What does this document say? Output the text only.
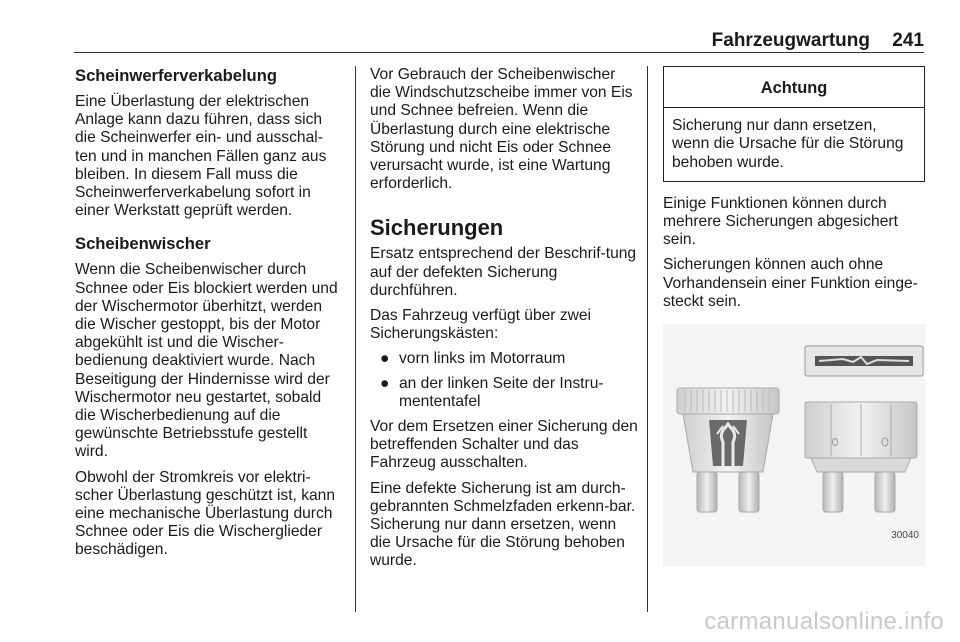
Fahrzeugwartung 241
Scheinwerferverkabelung

Eine Überlastung der elektrischen Anlage kann dazu führen, dass sich die Scheinwerfer ein- und ausschal-ten und in manchen Fällen ganz aus bleiben. In diesem Fall muss die Scheinwerferverkabelung sofort in einer Werkstatt geprüft werden.

Scheibenwischer

Wenn die Scheibenwischer durch Schnee oder Eis blockiert werden und der Wischermotor überhitzt, werden die Wischer gestoppt, bis der Motor abgekühlt ist und die Wischer-bedienung deaktiviert wurde. Nach Beseitigung der Hindernisse wird der Wischermotor neu gestartet, sobald die Wischerbedienung auf die gewünschte Betriebsstufe gestellt wird.

Obwohl der Stromkreis vor elektri-scher Überlastung geschützt ist, kann eine mechanische Überlastung durch Schnee oder Eis die Wischerglieder beschädigen.

Vor Gebrauch der Scheibenwischer die Windschutzscheibe immer von Eis und Schnee befreien. Wenn die Überlastung durch eine elektrische Störung und nicht Eis oder Schnee verursacht wurde, ist eine Wartung erforderlich.

Sicherungen

Ersatz entsprechend der Beschrif-tung auf der defekten Sicherung durchführen.

Das Fahrzeug verfügt über zwei Sicherungskästen:

● vorn links im Motorraum
● an der linken Seite der Instru-mententafel

Vor dem Ersetzen einer Sicherung den betreffenden Schalter und das Fahrzeug ausschalten.

Eine defekte Sicherung ist am durch-gebrannten Schmelzfaden erkenn-bar. Sicherung nur dann ersetzen, wenn die Ursache für die Störung behoben wurde.

Achtung
Sicherung nur dann ersetzen, wenn die Ursache für die Störung behoben wurde.

Einige Funktionen können durch mehrere Sicherungen abgesichert sein.

Sicherungen können auch ohne Vorhandensein einer Funktion einge-steckt sein.

30040
carmanualsonline.info
